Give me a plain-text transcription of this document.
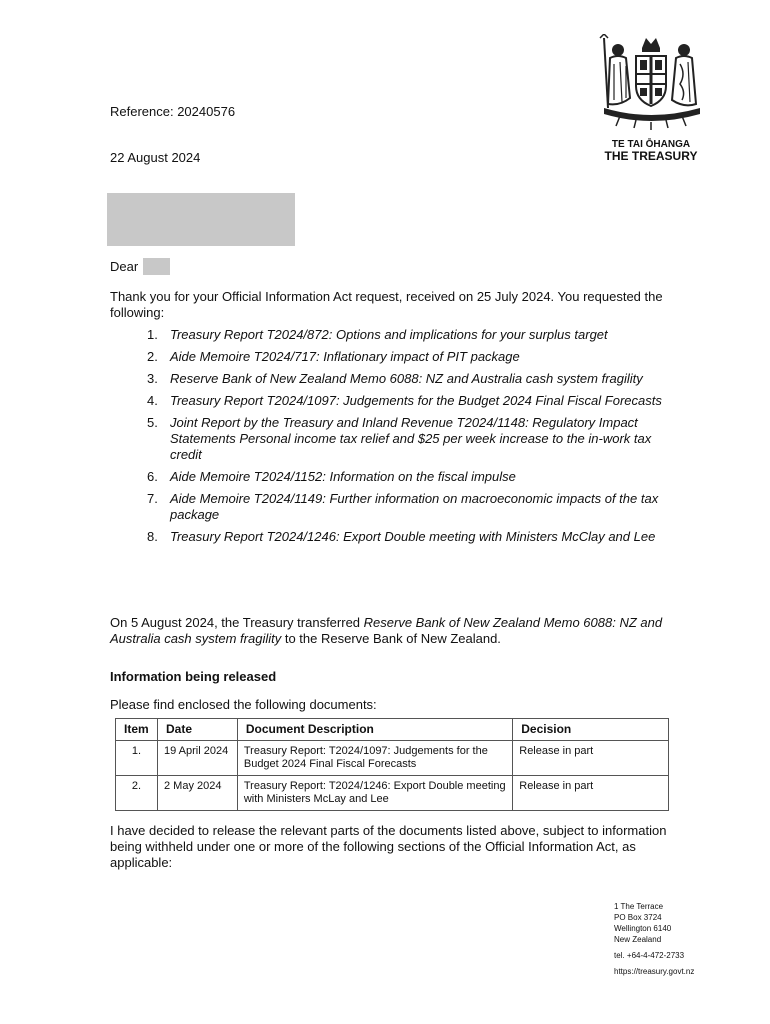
TE TAI ŌHANGA
THE TREASURY
Reference: 20240576
22 August 2024
Dear
Thank you for your Official Information Act request, received on 25 July 2024. You requested the following:
1. Treasury Report T2024/872: Options and implications for your surplus target
2. Aide Memoire T2024/717: Inflationary impact of PIT package
3. Reserve Bank of New Zealand Memo 6088: NZ and Australia cash system fragility
4. Treasury Report T2024/1097: Judgements for the Budget 2024 Final Fiscal Forecasts
5. Joint Report by the Treasury and Inland Revenue T2024/1148: Regulatory Impact Statements Personal income tax relief and $25 per week increase to the in-work tax credit
6. Aide Memoire T2024/1152: Information on the fiscal impulse
7. Aide Memoire T2024/1149: Further information on macroeconomic impacts of the tax package
8. Treasury Report T2024/1246: Export Double meeting with Ministers McClay and Lee
On 5 August 2024, the Treasury transferred Reserve Bank of New Zealand Memo 6088: NZ and Australia cash system fragility to the Reserve Bank of New Zealand.
Information being released
Please find enclosed the following documents:
Item	Date	Document Description	Decision
1.	19 April 2024	Treasury Report: T2024/1097: Judgements for the Budget 2024 Final Fiscal Forecasts	Release in part
2.	2 May 2024	Treasury Report: T2024/1246: Export Double meeting with Ministers McLay and Lee	Release in part
I have decided to release the relevant parts of the documents listed above, subject to information being withheld under one or more of the following sections of the Official Information Act, as applicable:
1 The Terrace
PO Box 3724
Wellington 6140
New Zealand
tel. +64-4-472-2733
https://treasury.govt.nz
